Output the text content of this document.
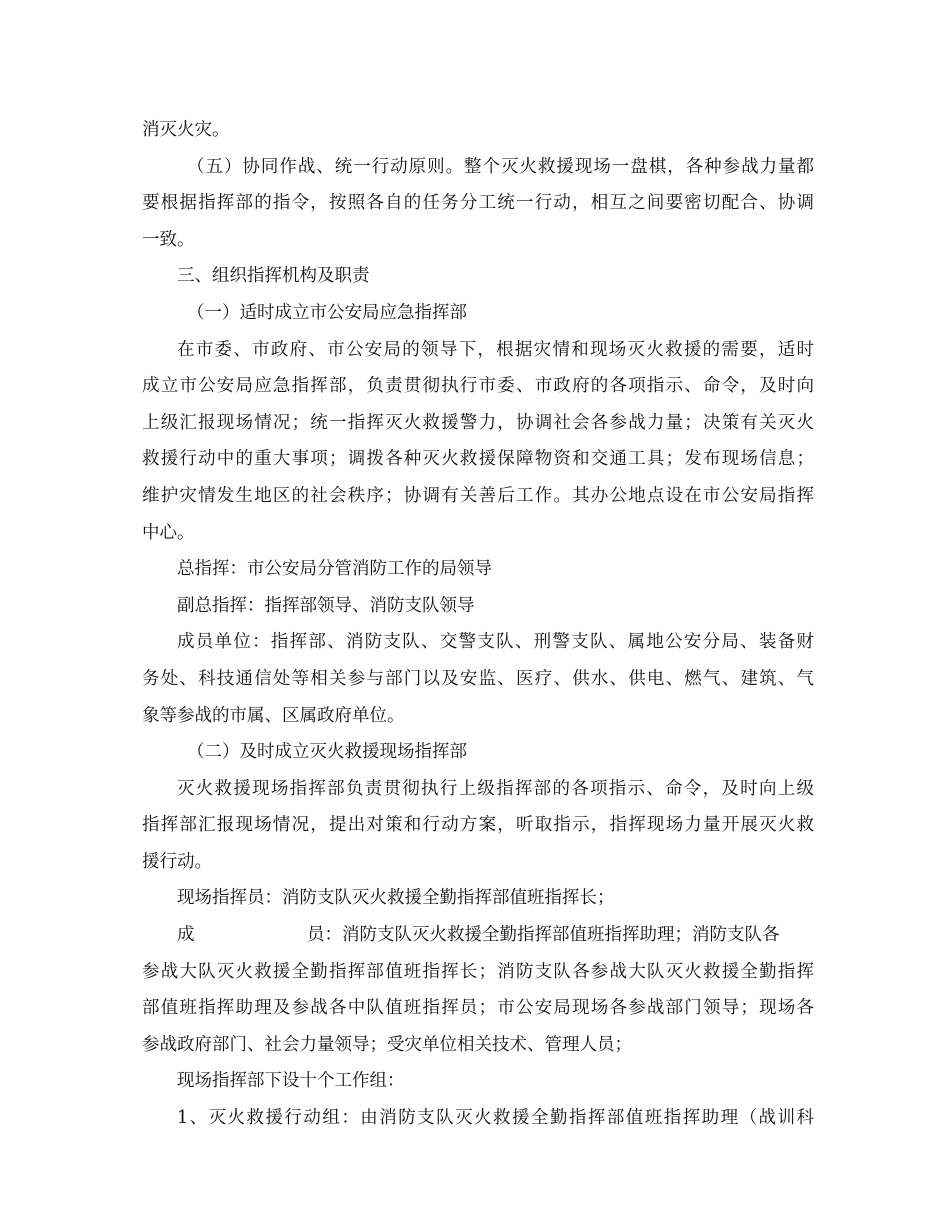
消灭火灾。
（五）协同作战、统一行动原则。整个灭火救援现场一盘棋，各种参战力量都
要根据指挥部的指令，按照各自的任务分工统一行动，相互之间要密切配合、协调
一致。
三、组织指挥机构及职责
（一）适时成立市公安局应急指挥部
在市委、市政府、市公安局的领导下，根据灾情和现场灭火救援的需要，适时
成立市公安局应急指挥部，负责贯彻执行市委、市政府的各项指示、命令，及时向
上级汇报现场情况；统一指挥灭火救援警力，协调社会各参战力量；决策有关灭火
救援行动中的重大事项；调拨各种灭火救援保障物资和交通工具；发布现场信息；
维护灾情发生地区的社会秩序；协调有关善后工作。其办公地点设在市公安局指挥
中心。
总指挥：市公安局分管消防工作的局领导
副总指挥：指挥部领导、消防支队领导
成员单位：指挥部、消防支队、交警支队、刑警支队、属地公安分局、装备财
务处、科技通信处等相关参与部门以及安监、医疗、供水、供电、燃气、建筑、气
象等参战的市属、区属政府单位。
（二）及时成立灭火救援现场指挥部
灭火救援现场指挥部负责贯彻执行上级指挥部的各项指示、命令，及时向上级
指挥部汇报现场情况，提出对策和行动方案，听取指示，指挥现场力量开展灭火救
援行动。
现场指挥员：消防支队灭火救援全勤指挥部值班指挥长；
成	员：消防支队灭火救援全勤指挥部值班指挥助理；消防支队各
参战大队灭火救援全勤指挥部值班指挥长；消防支队各参战大队灭火救援全勤指挥
部值班指挥助理及参战各中队值班指挥员；市公安局现场各参战部门领导；现场各
参战政府部门、社会力量领导；受灾单位相关技术、管理人员；
现场指挥部下设十个工作组：
1、灭火救援行动组：由消防支队灭火救援全勤指挥部值班指挥助理（战训科
